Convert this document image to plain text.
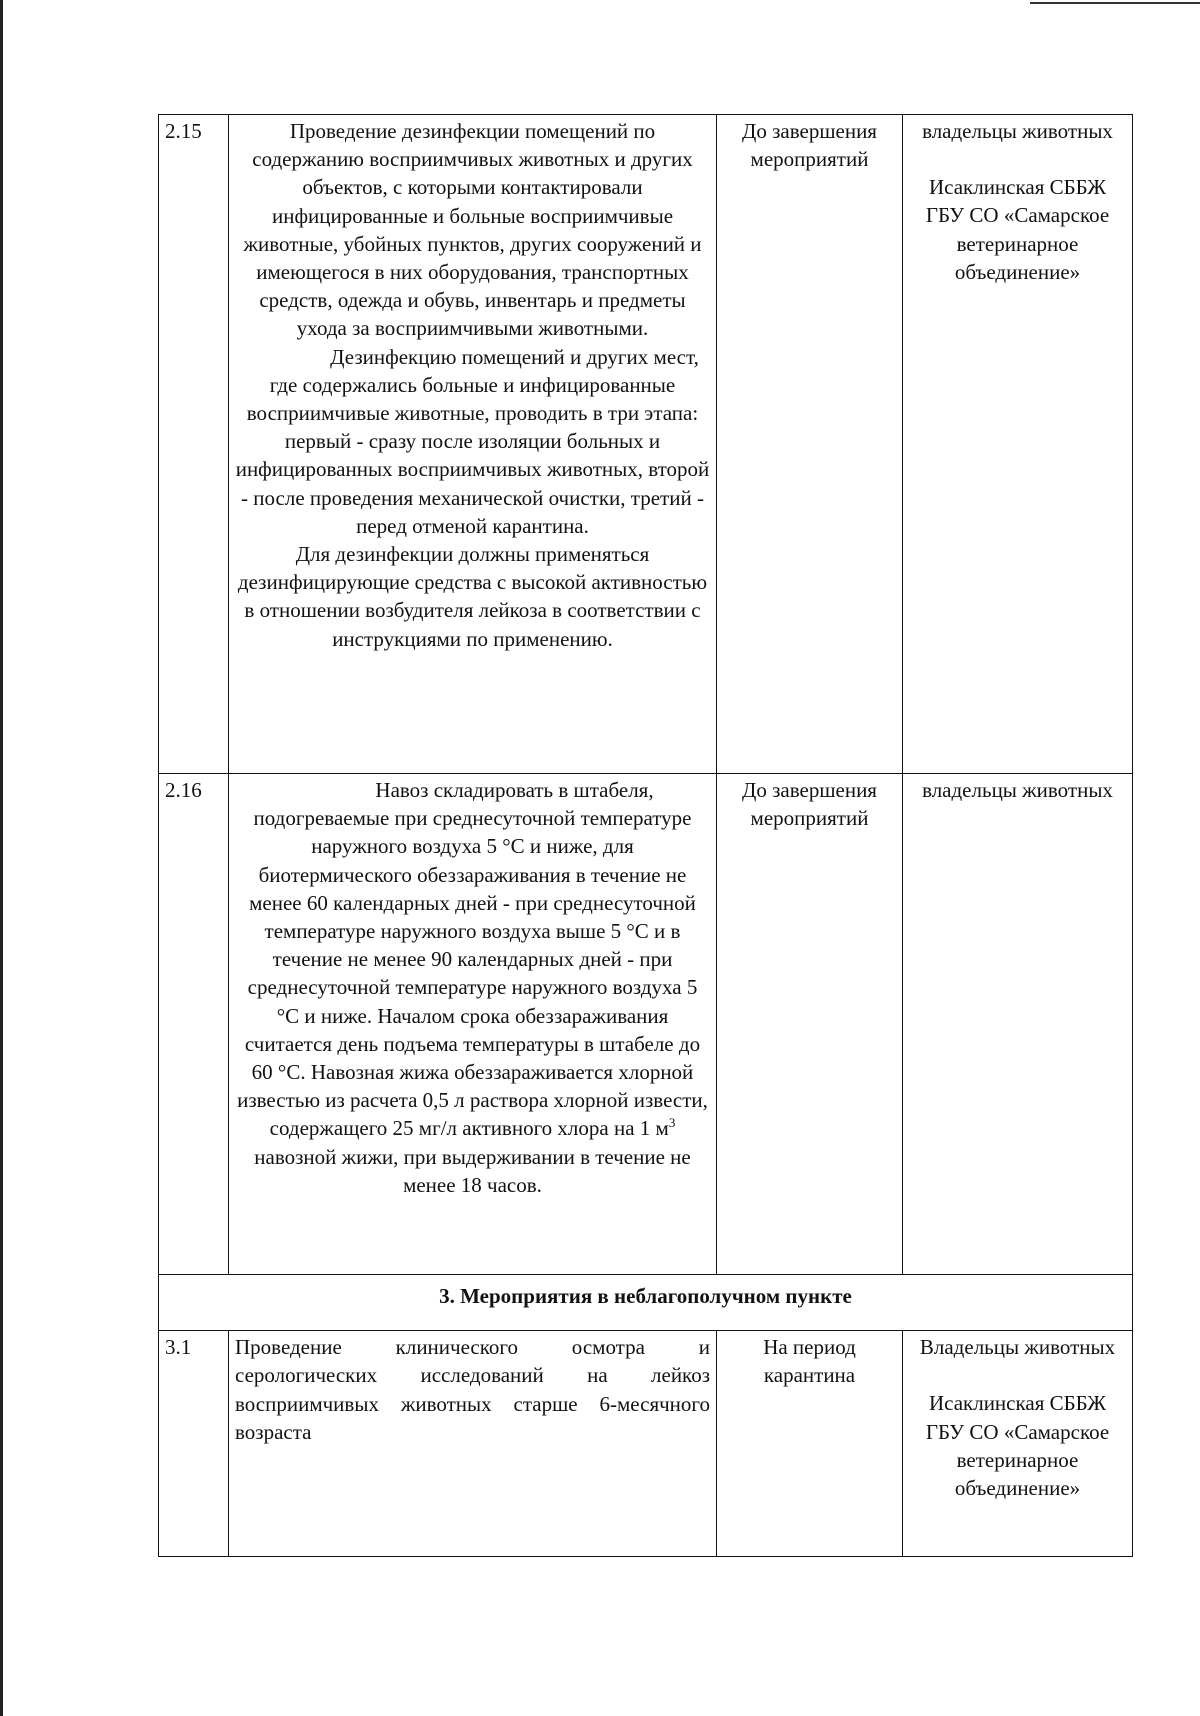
2.15	Проведение дезинфекции помещений по содержанию восприимчивых животных и других объектов, с которыми контактировали инфицированные и больные восприимчивые животные, убойных пунктов, других сооружений и имеющегося в них оборудования, транспортных средств, одежда и обувь, инвентарь и предметы ухода за восприимчивыми животными.
Дезинфекцию помещений и других мест, где содержались больные и инфицированные восприимчивые животные, проводить в три этапа: первый - сразу после изоляции больных и инфицированных восприимчивых животных, второй - после проведения механической очистки, третий - перед отменой карантина.
Для дезинфекции должны применяться дезинфицирующие средства с высокой активностью в отношении возбудителя лейкоза в соответствии с инструкциями по применению.	До завершения мероприятий	владельцы животных
Исаклинская СББЖ ГБУ СО «Самарское ветеринарное объединение»

2.16	Навоз складировать в штабеля, подогреваемые при среднесуточной температуре наружного воздуха 5 °C и ниже, для биотермического обеззараживания в течение не менее 60 календарных дней - при среднесуточной температуре наружного воздуха выше 5 °C и в течение не менее 90 календарных дней - при среднесуточной температуре наружного воздуха 5 °C и ниже. Началом срока обеззараживания считается день подъема температуры в штабеле до 60 °C. Навозная жижа обеззараживается хлорной известью из расчета 0,5 л раствора хлорной извести, содержащего 25 мг/л активного хлора на 1 $м^3$ навозной жижи, при выдерживании в течение не менее 18 часов.	До завершения мероприятий	владельцы животных

3. Мероприятия в неблагополучном пункте			
3.1	Проведение клинического осмотра и серологических исследований на лейкоз восприимчивых животных старше 6-месячного возраста	На период карантина	Владельцы животных
Исаклинская СББЖ ГБУ СО «Самарское ветеринарное объединение»
